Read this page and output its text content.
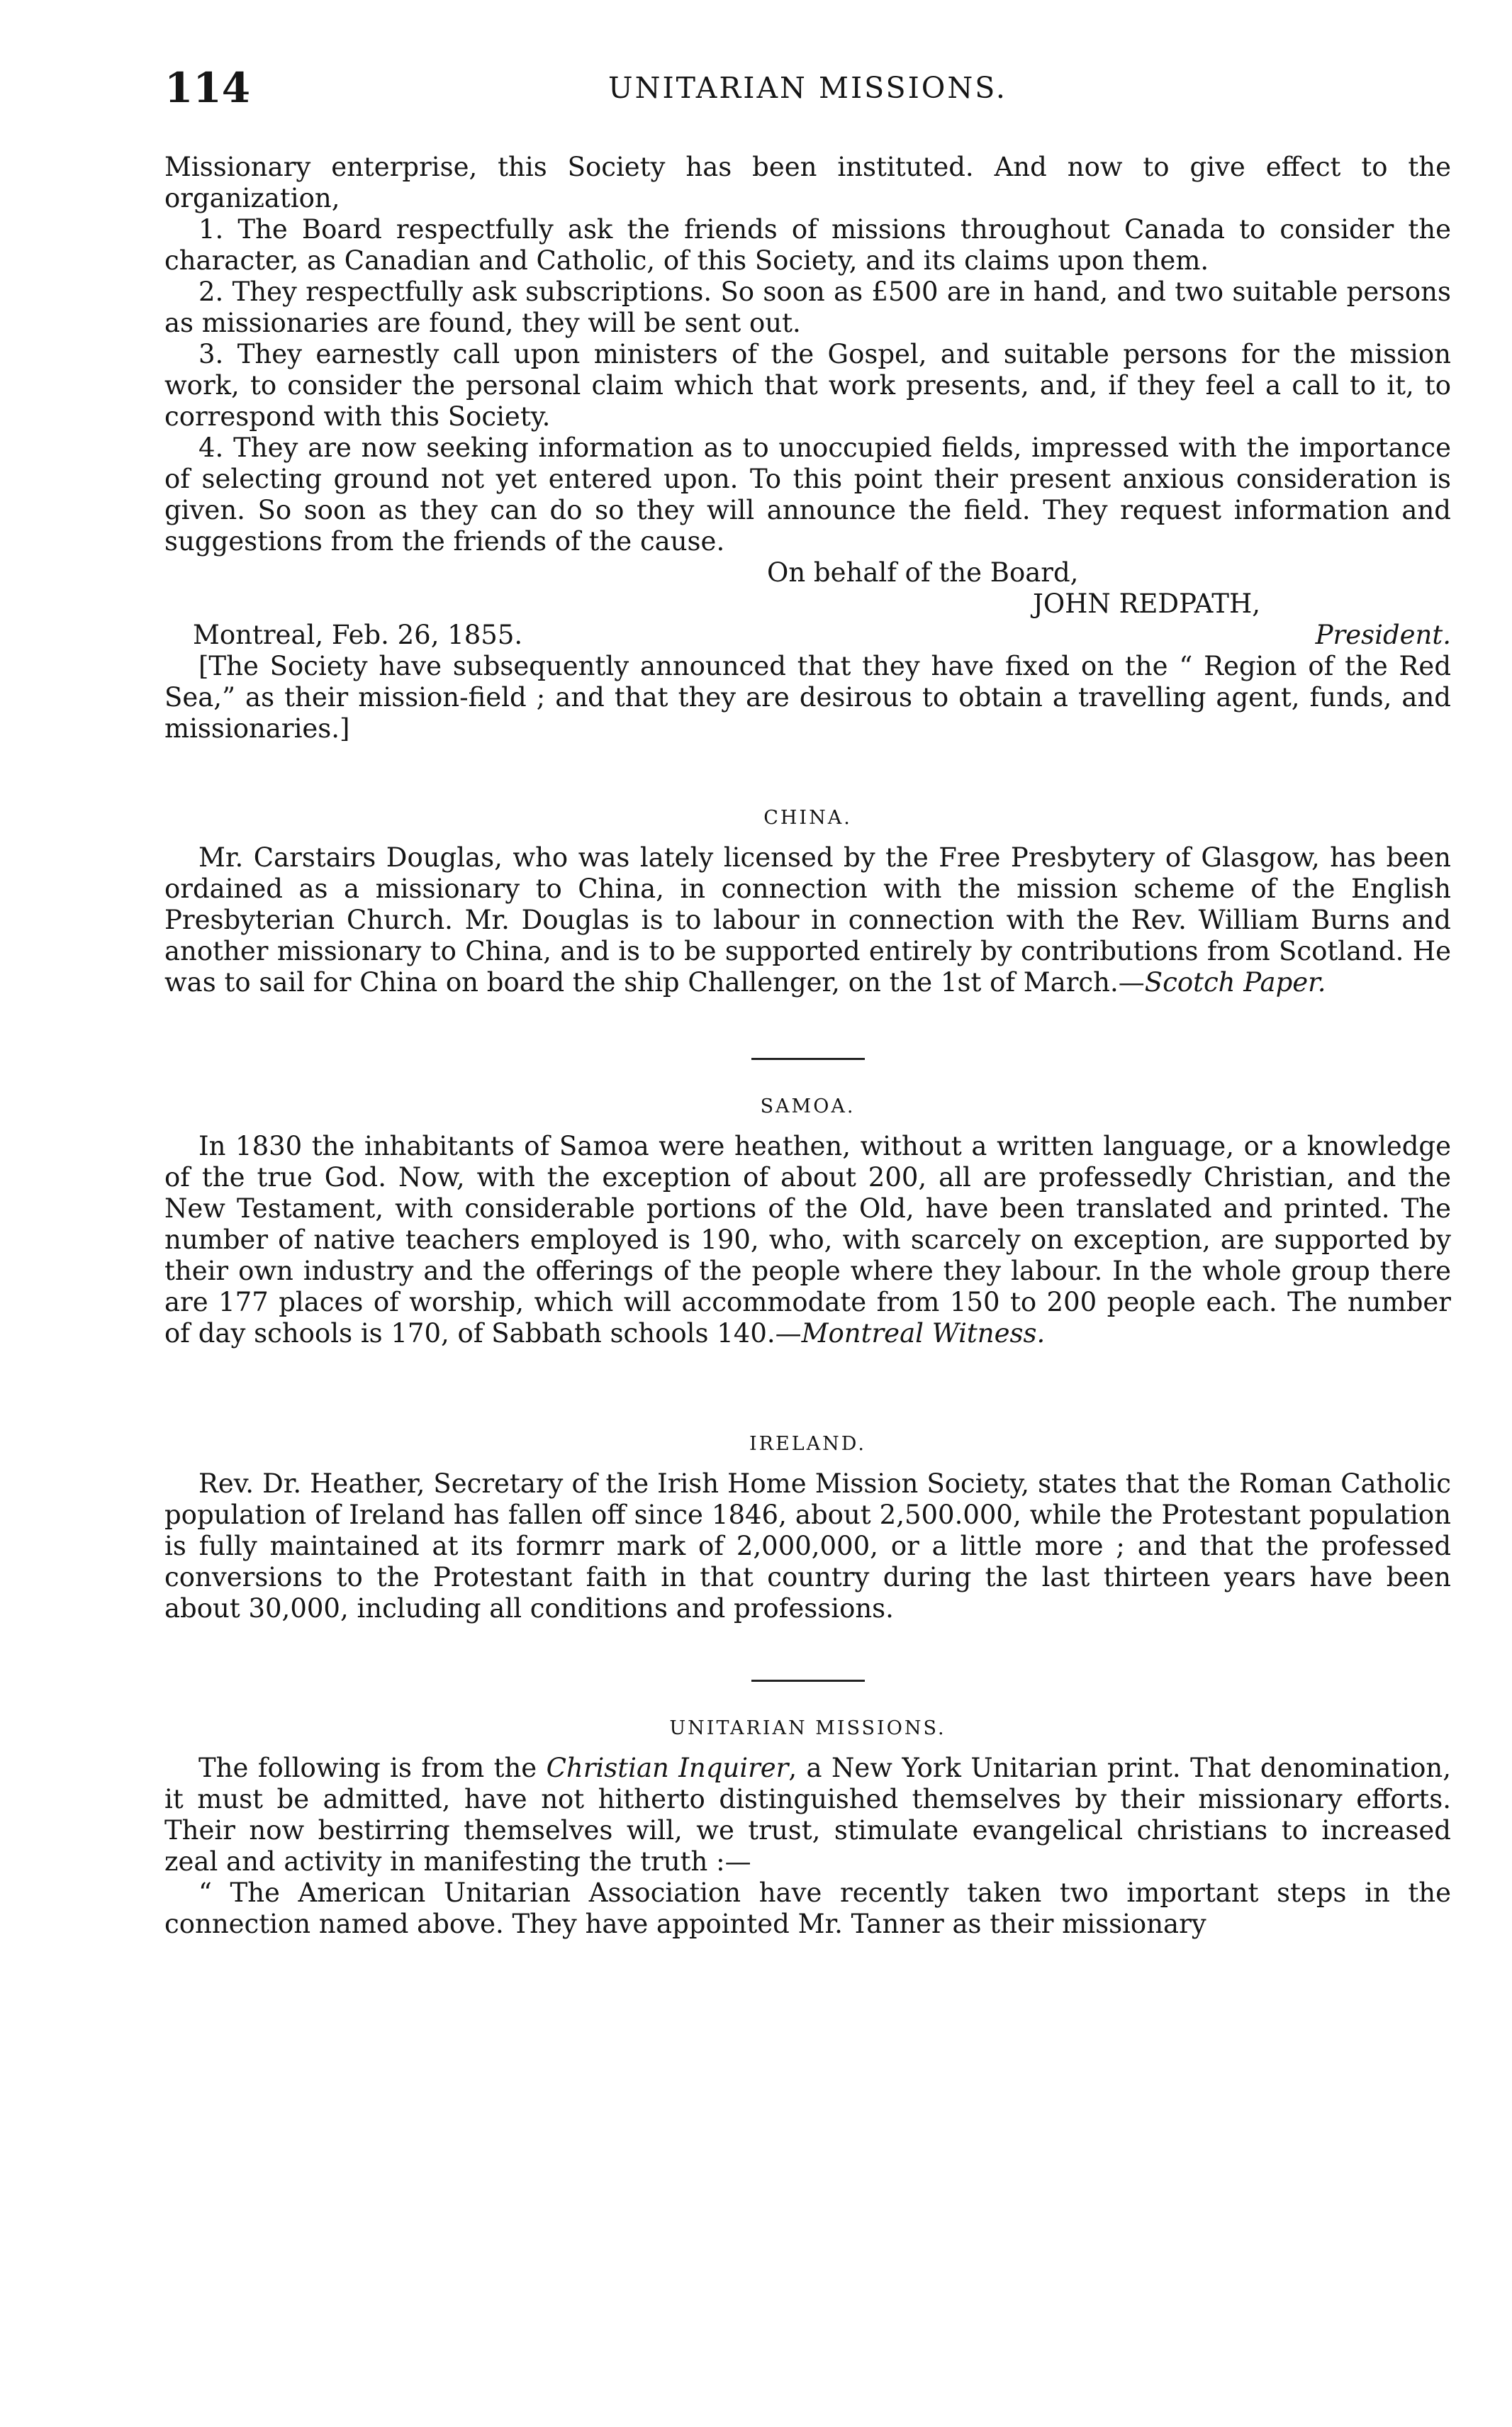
114	UNITARIAN MISSIONS.

Missionary enterprise, this Society has been instituted. And now to give effect to the organization,

1. The Board respectfully ask the friends of missions throughout Canada to consider the character, as Canadian and Catholic, of this Society, and its claims upon them.

2. They respectfully ask subscriptions. So soon as £500 are in hand, and two suitable persons as missionaries are found, they will be sent out.

3. They earnestly call upon ministers of the Gospel, and suitable persons for the mission work, to consider the personal claim which that work presents, and, if they feel a call to it, to correspond with this Society.

4. They are now seeking information as to unoccupied fields, impressed with the importance of selecting ground not yet entered upon. To this point their present anxious consideration is given. So soon as they can do so they will announce the field. They request information and suggestions from the friends of the cause.

On behalf of the Board,
JOHN REDPATH,
Montreal, Feb. 26, 1855.	President.

[The Society have subsequently announced that they have fixed on the “ Region of the Red Sea,” as their mission-field ; and that they are desirous to obtain a travelling agent, funds, and missionaries.]

CHINA.

Mr. Carstairs Douglas, who was lately licensed by the Free Presbytery of Glasgow, has been ordained as a missionary to China, in connection with the mission scheme of the English Presbyterian Church. Mr. Douglas is to labour in connection with the Rev. William Burns and another missionary to China, and is to be supported entirely by contributions from Scotland. He was to sail for China on board the ship Challenger, on the 1st of March.—Scotch Paper.

SAMOA.

In 1830 the inhabitants of Samoa were heathen, without a written language, or a knowledge of the true God. Now, with the exception of about 200, all are professedly Christian, and the New Testament, with considerable portions of the Old, have been translated and printed. The number of native teachers employed is 190, who, with scarcely on exception, are supported by their own industry and the offerings of the people where they labour. In the whole group there are 177 places of worship, which will accommodate from 150 to 200 people each. The number of day schools is 170, of Sabbath schools 140.—Montreal Witness.

IRELAND.

Rev. Dr. Heather, Secretary of the Irish Home Mission Society, states that the Roman Catholic population of Ireland has fallen off since 1846, about 2,500.000, while the Protestant population is fully maintained at its formrr mark of 2,000,000, or a little more ; and that the professed conversions to the Protestant faith in that country during the last thirteen years have been about 30,000, including all conditions and professions.

UNITARIAN MISSIONS.

The following is from the Christian Inquirer, a New York Unitarian print. That denomination, it must be admitted, have not hitherto distinguished themselves by their missionary efforts. Their now bestirring themselves will, we trust, stimulate evangelical christians to increased zeal and activity in manifesting the truth :—

“ The American Unitarian Association have recently taken two important steps in the connection named above. They have appointed Mr. Tanner as their missionary
